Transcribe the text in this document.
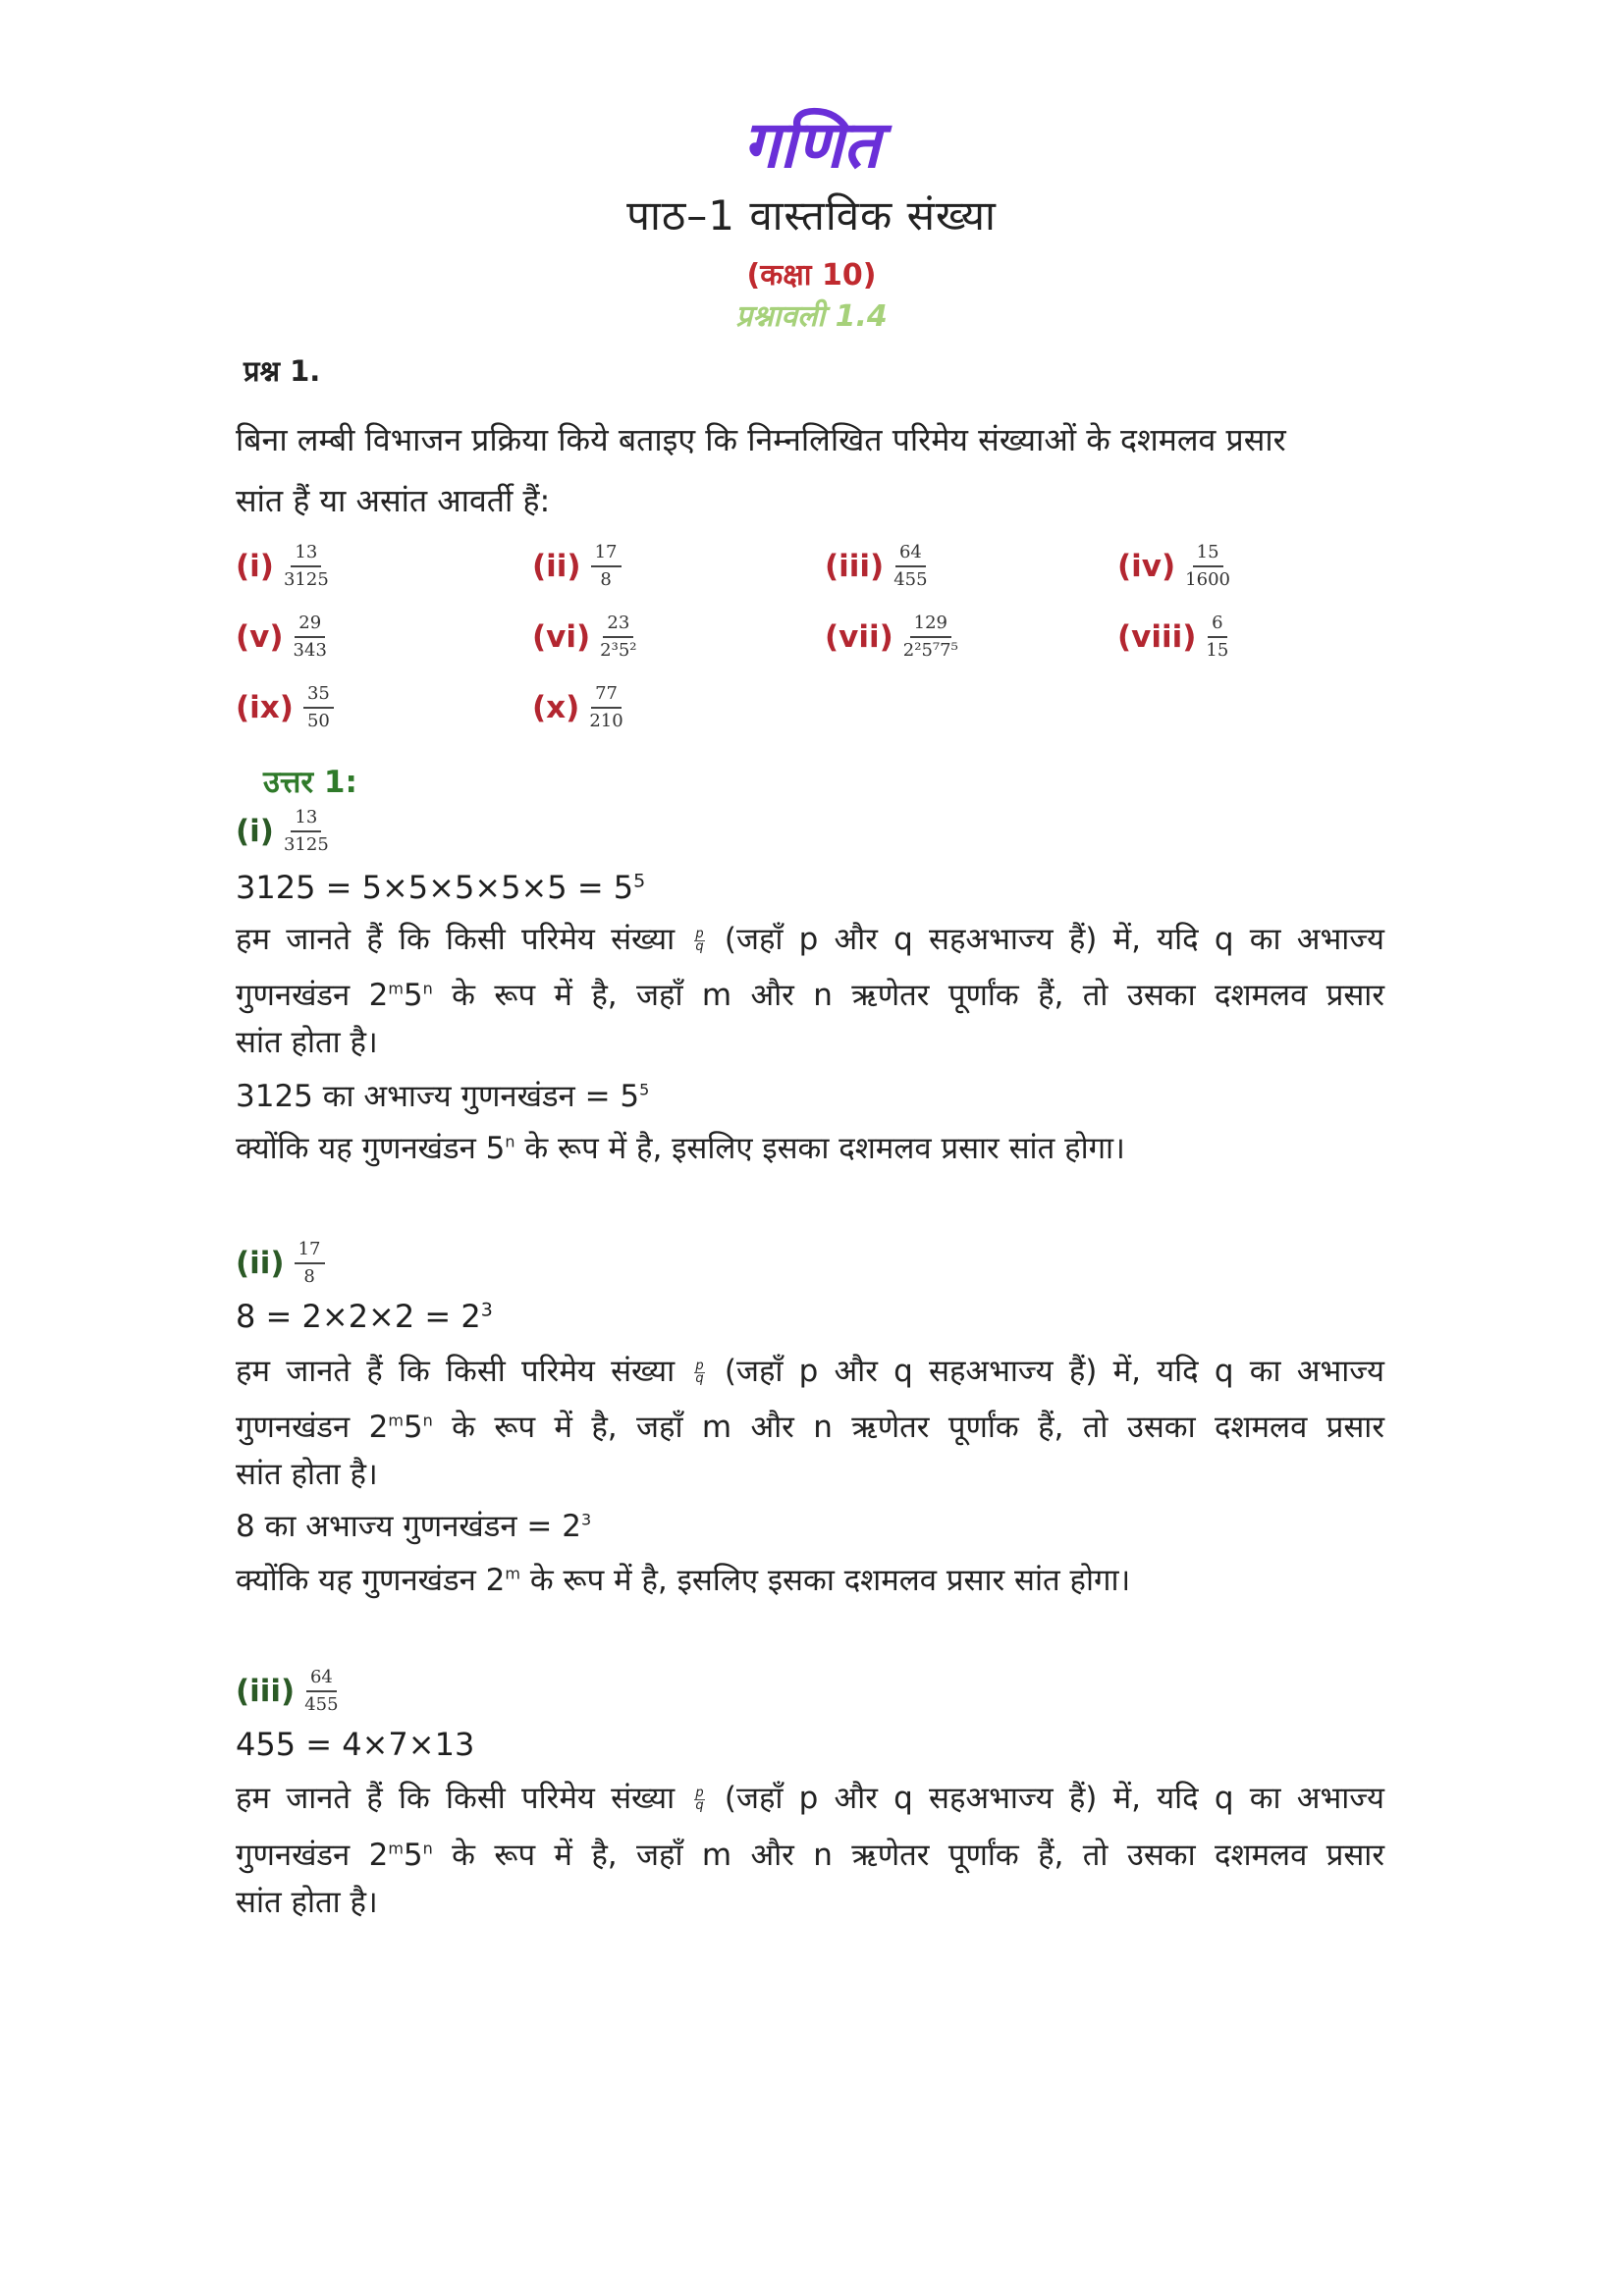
गणित
पाठ–1 वास्तविक संख्या
(कक्षा 10)
प्रश्नावली 1.4
प्रश्न 1.
बिना लम्बी विभाजन प्रक्रिया किये बताइए कि निम्नलिखित परिमेय संख्याओं के दशमलव प्रसार
सांत हैं या असांत आवर्ती हैं:
$(i) \frac{13}{3125}$	$(ii) \frac{17}{8}$	$(iii) \frac{64}{455}$	$(iv) \frac{15}{1600}$
$(v) \frac{29}{343}$	$(vi) \frac{23}{\text{2³5²}}$	$(vii) \frac{129}{\text{2²5⁷7⁵}}$	(viii) $\frac{6}{15}$
$(ix) \frac{35}{50}$	$(x) \frac{77}{210}$
उत्तर 1:
$(i) \frac{13}{3125}$
$3125 = 5\times 5\times 5\times 5\times 5 = 5^5$
हम जानते हैं कि किसी परिमेय संख्या $\frac{p}{q}$ (जहाँ p और q सहअभाज्य हैं) में, यदि q का अभाज्य
गुणनखंडन 2$^m$5$^n$ के रूप में है, जहाँ m और n ऋणेतर पूर्णांक हैं, तो उसका दशमलव प्रसार
सांत होता है।
3125 का अभाज्य गुणनखंडन = $5^5$
क्योंकि यह गुणनखंडन 5$^n$ के रूप में है, इसलिए इसका दशमलव प्रसार सांत होगा।
$(ii) \frac{17}{8}$
$8 = 2\times 2\times 2 = 2^3$
हम जानते हैं कि किसी परिमेय संख्या $\frac{p}{q}$ (जहाँ p और q सहअभाज्य हैं) में, यदि q का अभाज्य
गुणनखंडन 2$^m$5$^n$ के रूप में है, जहाँ m और n ऋणेतर पूर्णांक हैं, तो उसका दशमलव प्रसार
सांत होता है।
8 का अभाज्य गुणनखंडन = $2^3$
क्योंकि यह गुणनखंडन 2$^m$ के रूप में है, इसलिए इसका दशमलव प्रसार सांत होगा।
$(iii) \frac{64}{455}$
455 = 4×7×13
हम जानते हैं कि किसी परिमेय संख्या $\frac{p}{q}$ (जहाँ p और q सहअभाज्य हैं) में, यदि q का अभाज्य
गुणनखंडन 2$^m$5$^n$ के रूप में है, जहाँ m और n ऋणेतर पूर्णांक हैं, तो उसका दशमलव प्रसार
सांत होता है।
